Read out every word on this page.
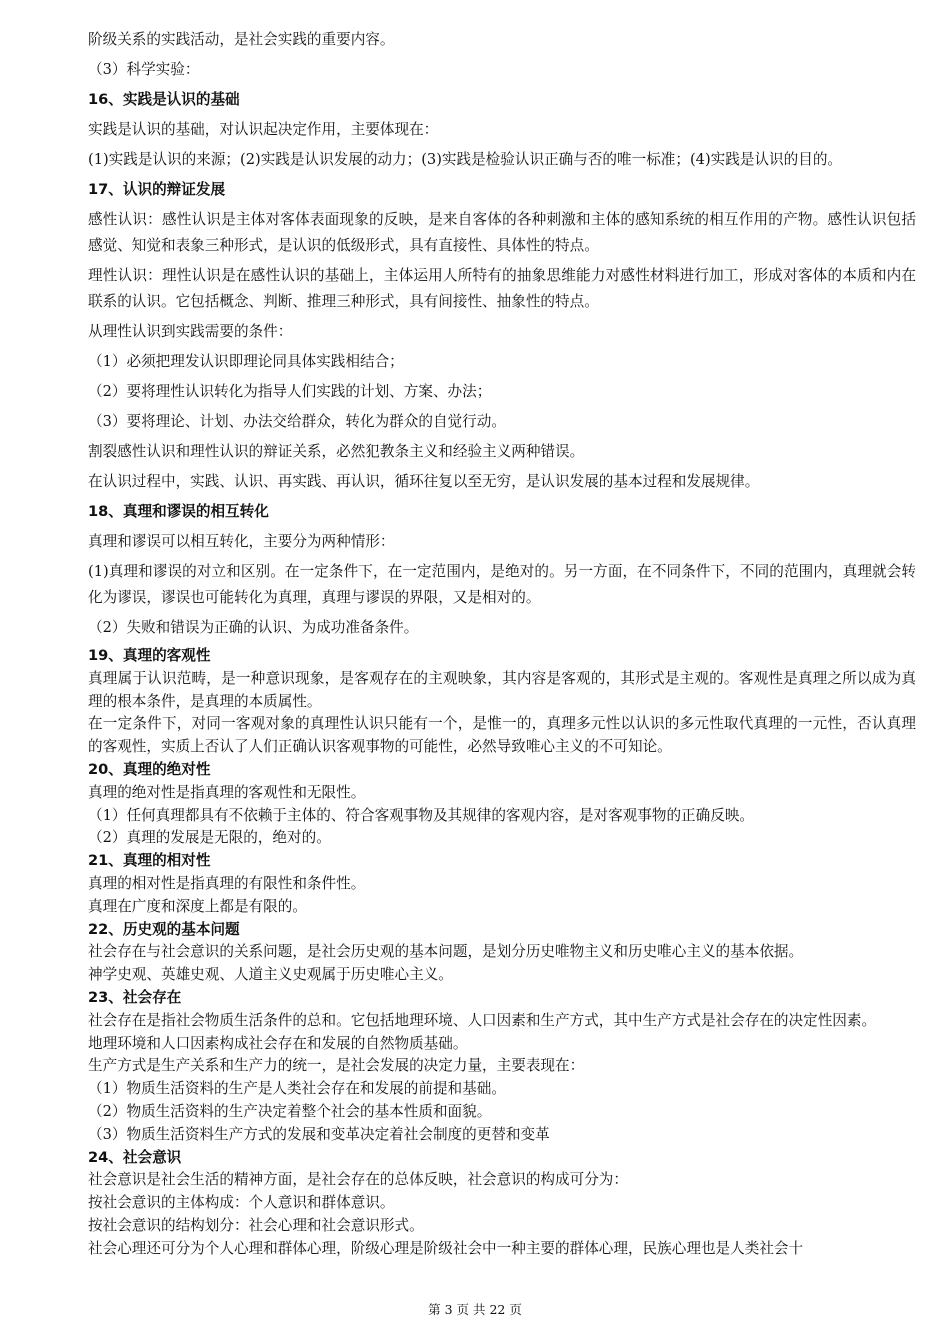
阶级关系的实践活动，是社会实践的重要内容。
（3）科学实验：
16、实践是认识的基础
实践是认识的基础，对认识起决定作用，主要体现在：
(1)实践是认识的来源；(2)实践是认识发展的动力；(3)实践是检验认识正确与否的唯一标准；(4)实践是认识的目的。
17、认识的辩证发展
感性认识：感性认识是主体对客体表面现象的反映，是来自客体的各种刺激和主体的感知系统的相互作用的产物。感性认识包括感觉、知觉和表象三种形式，是认识的低级形式，具有直接性、具体性的特点。
理性认识：理性认识是在感性认识的基础上，主体运用人所特有的抽象思维能力对感性材料进行加工，形成对客体的本质和内在联系的认识。它包括概念、判断、推理三种形式，具有间接性、抽象性的特点。
从理性认识到实践需要的条件：
（1）必须把理发认识即理论同具体实践相结合；
（2）要将理性认识转化为指导人们实践的计划、方案、办法；
（3）要将理论、计划、办法交给群众，转化为群众的自觉行动。
割裂感性认识和理性认识的辩证关系，必然犯教条主义和经验主义两种错误。
在认识过程中，实践、认识、再实践、再认识，循环往复以至无穷，是认识发展的基本过程和发展规律。
18、真理和谬误的相互转化
真理和谬误可以相互转化，主要分为两种情形：
(1)真理和谬误的对立和区别。在一定条件下，在一定范围内，是绝对的。另一方面，在不同条件下，不同的范围内，真理就会转化为谬误，谬误也可能转化为真理，真理与谬误的界限，又是相对的。
（2）失败和错误为正确的认识、为成功准备条件。
19、真理的客观性
真理属于认识范畴，是一种意识现象，是客观存在的主观映象，其内容是客观的，其形式是主观的。客观性是真理之所以成为真理的根本条件，是真理的本质属性。
在一定条件下，对同一客观对象的真理性认识只能有一个，是惟一的，真理多元性以认识的多元性取代真理的一元性，否认真理的客观性，实质上否认了人们正确认识客观事物的可能性，必然导致唯心主义的不可知论。
20、真理的绝对性
真理的绝对性是指真理的客观性和无限性。
（1）任何真理都具有不依赖于主体的、符合客观事物及其规律的客观内容，是对客观事物的正确反映。
（2）真理的发展是无限的，绝对的。
21、真理的相对性
真理的相对性是指真理的有限性和条件性。
真理在广度和深度上都是有限的。
22、历史观的基本问题
社会存在与社会意识的关系问题，是社会历史观的基本问题，是划分历史唯物主义和历史唯心主义的基本依据。
神学史观、英雄史观、人道主义史观属于历史唯心主义。
23、社会存在
社会存在是指社会物质生活条件的总和。它包括地理环境、人口因素和生产方式，其中生产方式是社会存在的决定性因素。
地理环境和人口因素构成社会存在和发展的自然物质基础。
生产方式是生产关系和生产力的统一，是社会发展的决定力量，主要表现在：
（1）物质生活资料的生产是人类社会存在和发展的前提和基础。
（2）物质生活资料的生产决定着整个社会的基本性质和面貌。
（3）物质生活资料生产方式的发展和变革决定着社会制度的更替和变革
24、社会意识
社会意识是社会生活的精神方面，是社会存在的总体反映，社会意识的构成可分为：
按社会意识的主体构成：个人意识和群体意识。
按社会意识的结构划分：社会心理和社会意识形式。
社会心理还可分为个人心理和群体心理，阶级心理是阶级社会中一种主要的群体心理，民族心理也是人类社会十
第 3 页 共 22 页
